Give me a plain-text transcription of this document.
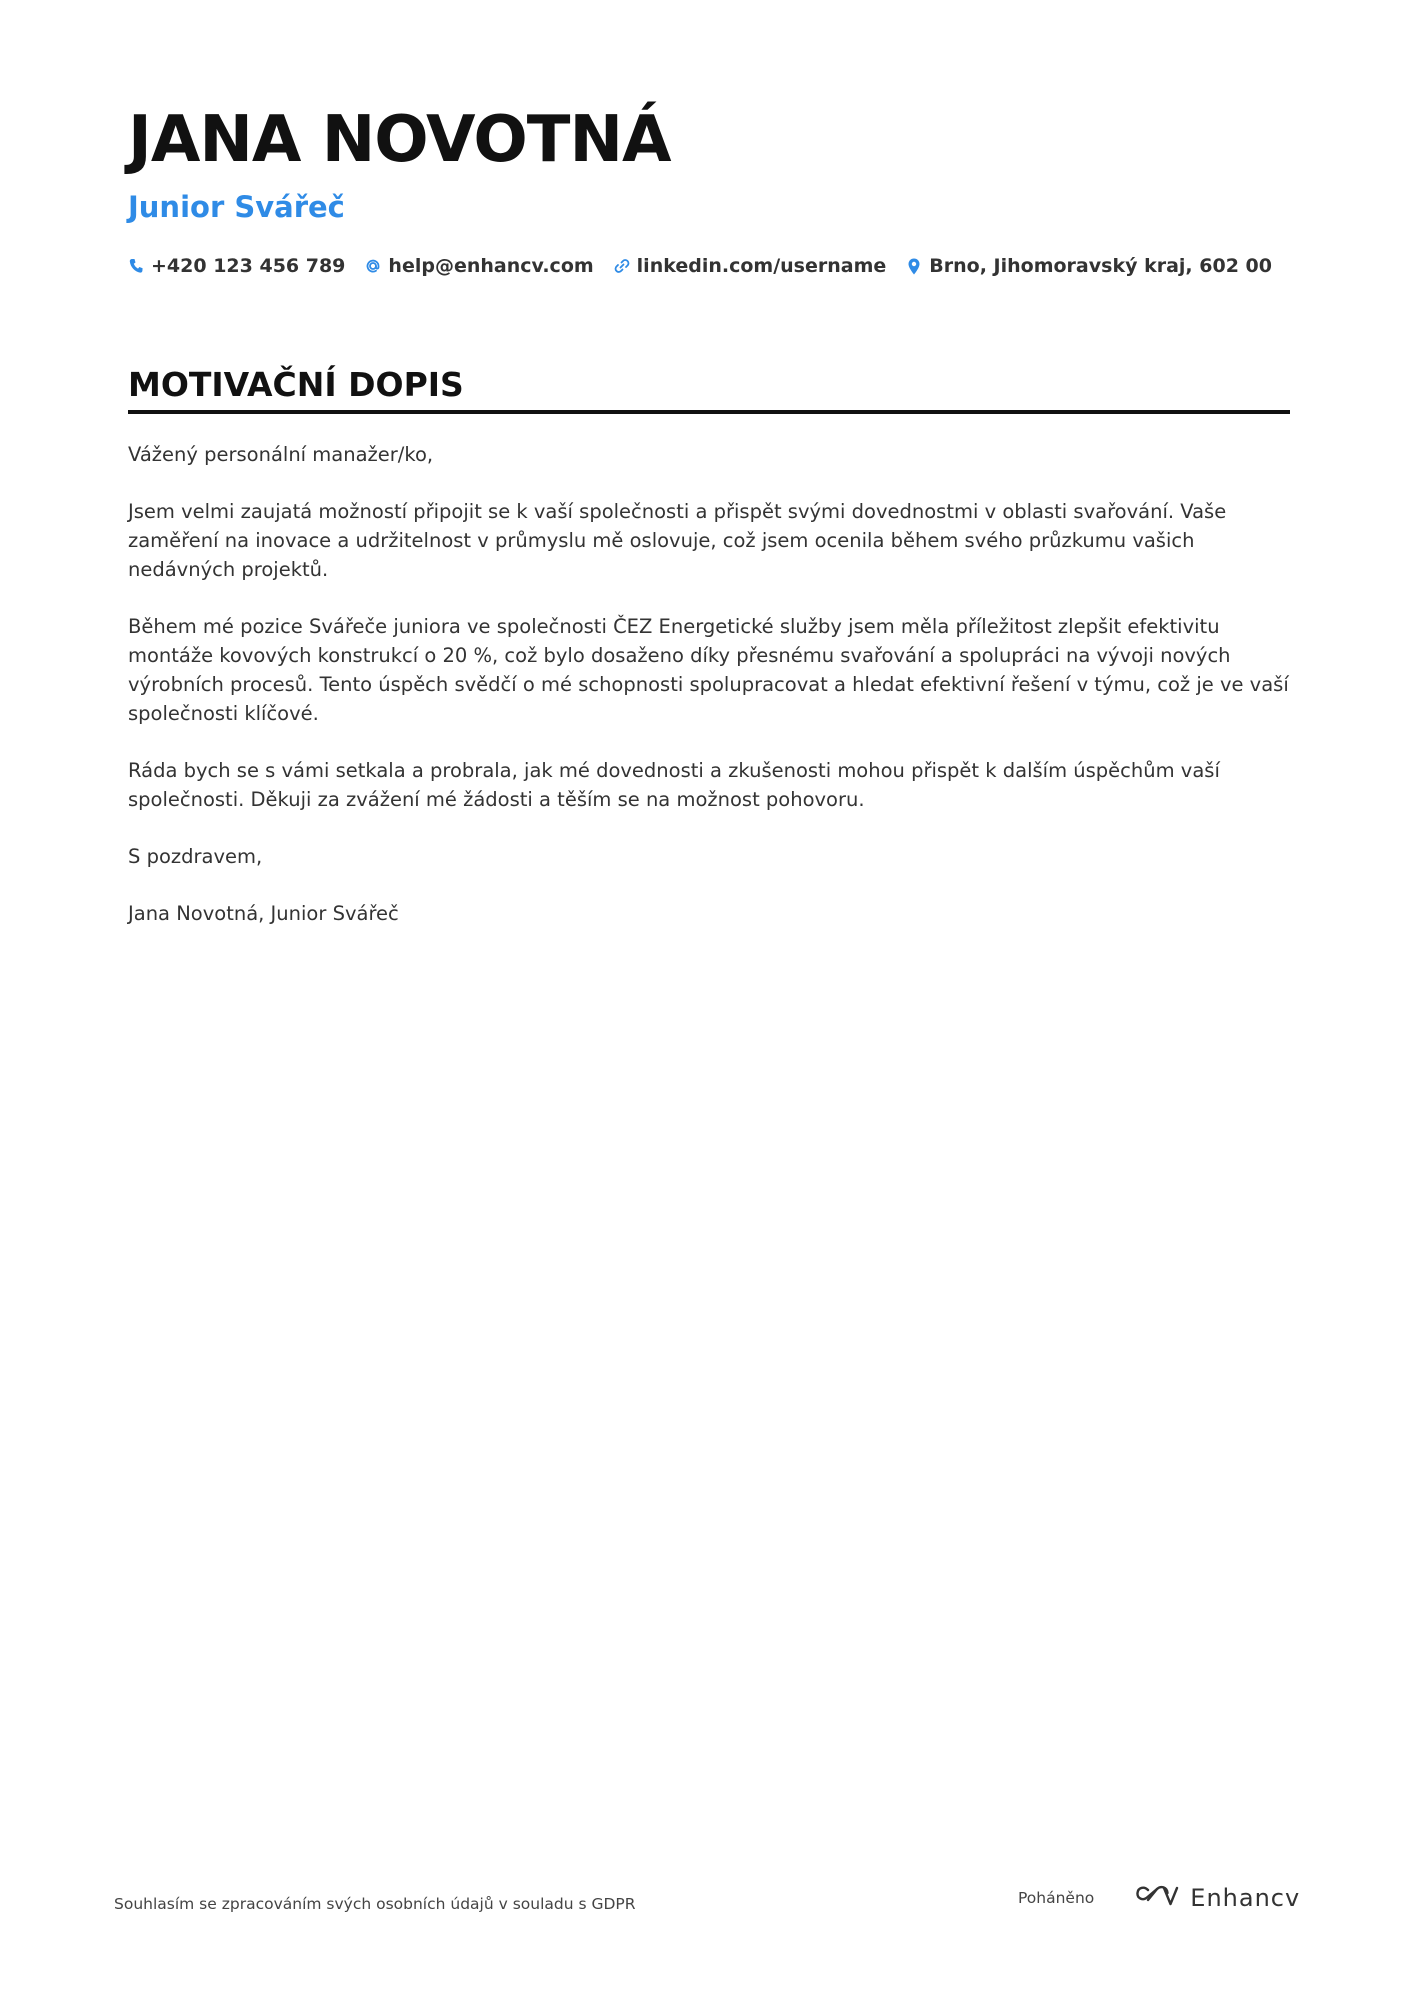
JANA NOVOTNÁ
Junior Svářeč
+420 123 456 789 help@enhancv.com linkedin.com/username Brno, Jihomoravský kraj, 602 00
MOTIVAČNÍ DOPIS

Vážený personální manažer/ko,

Jsem velmi zaujatá možností připojit se k vaší společnosti a přispět svými dovednostmi v oblasti svařování. Vaše zaměření na inovace a udržitelnost v průmyslu mě oslovuje, což jsem ocenila během svého průzkumu vašich nedávných projektů.

Během mé pozice Svářeče juniora ve společnosti ČEZ Energetické služby jsem měla příležitost zlepšit efektivitu montáže kovových konstrukcí o 20 %, což bylo dosaženo díky přesnému svařování a spolupráci na vývoji nových výrobních procesů. Tento úspěch svědčí o mé schopnosti spolupracovat a hledat efektivní řešení v týmu, což je ve vaší společnosti klíčové.

Ráda bych se s vámi setkala a probrala, jak mé dovednosti a zkušenosti mohou přispět k dalším úspěchům vaší společnosti. Děkuji za zvážení mé žádosti a těším se na možnost pohovoru.

S pozdravem,

Jana Novotná, Junior Svářeč

Souhlasím se zpracováním svých osobních údajů v souladu s GDPR	Poháněno	Enhancv
